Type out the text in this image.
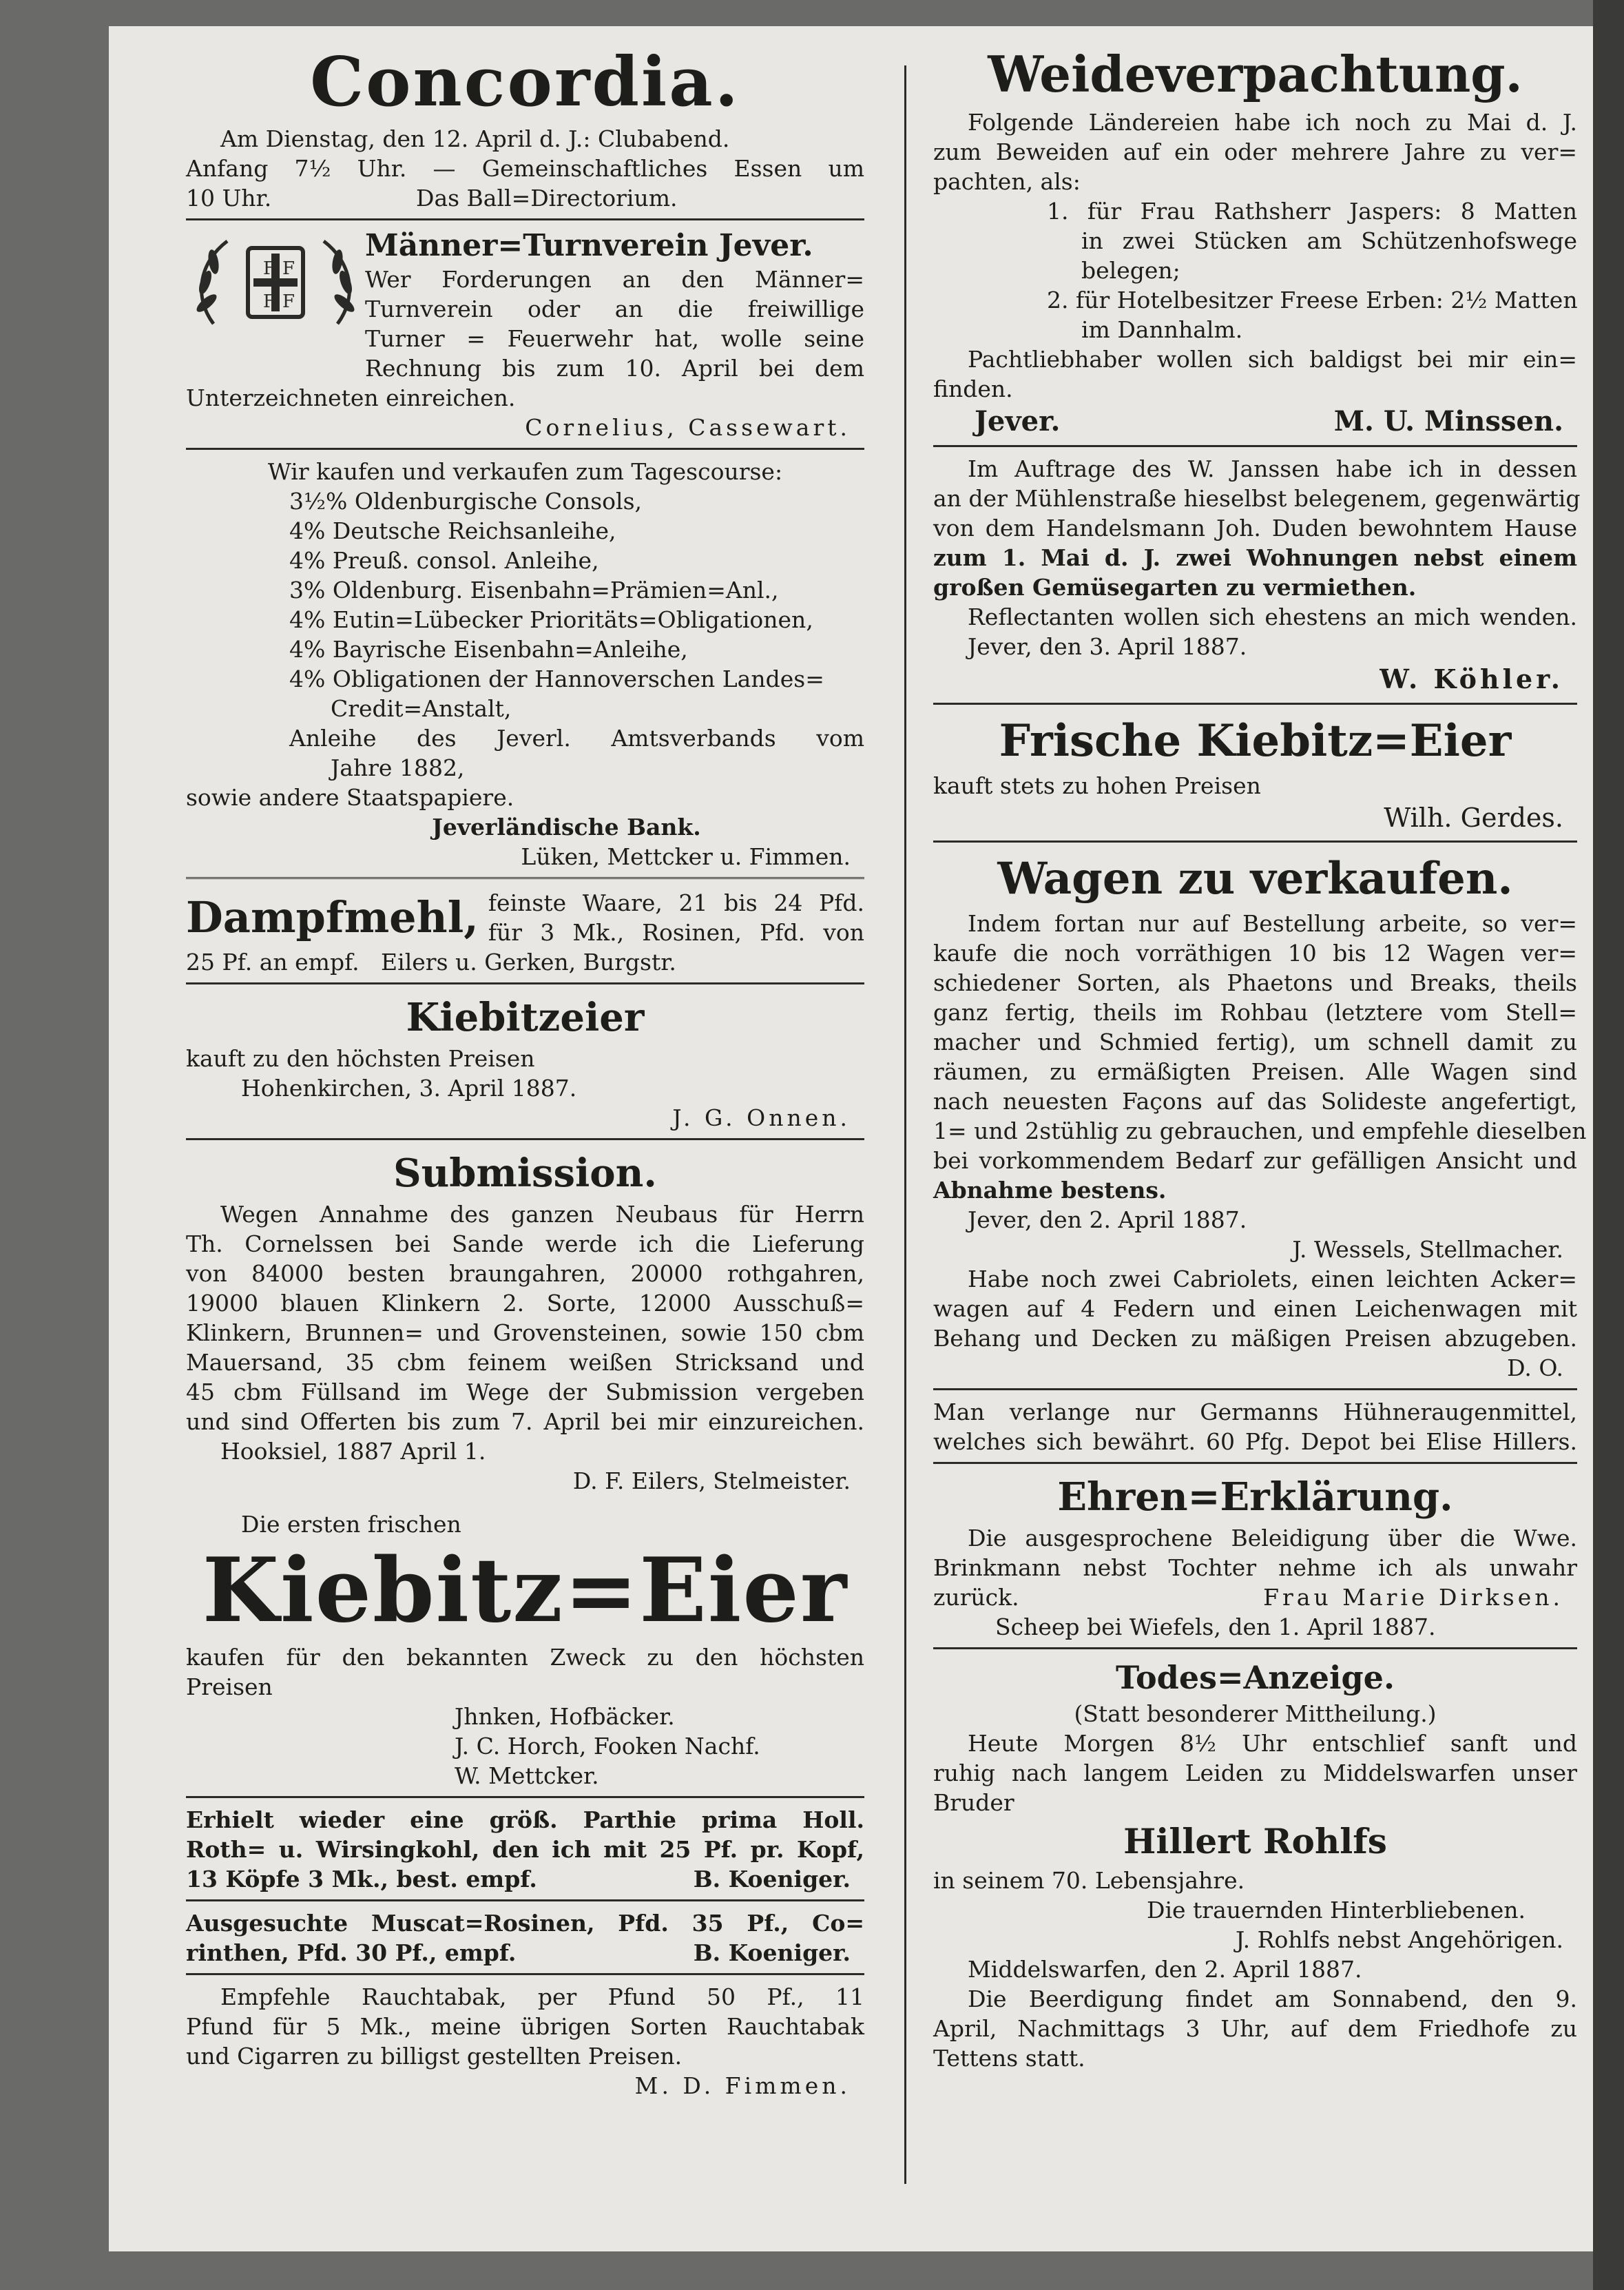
Concordia.

Am Dienstag, den 12. April d. J.: Clubabend.

Anfang 7½ Uhr. — Gemeinschaftliches Essen um

10 Uhr.                    Das Ball=Directorium.

F F
F F

Männer=Turnverein Jever.

Wer Forderungen an den Männer=

Turnverein oder an die freiwillige

Turner = Feuerwehr hat, wolle seine

Rechnung bis zum 10. April bei dem

Unterzeichneten einreichen.

Cornelius, Cassewart.

Wir kaufen und verkaufen zum Tagescourse:

3½% Oldenburgische Consols,

4% Deutsche Reichsanleihe,

4% Preuß. consol. Anleihe,

3% Oldenburg. Eisenbahn=Prämien=Anl.,

4% Eutin=Lübecker Prioritäts=Obligationen,

4% Bayrische Eisenbahn=Anleihe,

4% Obligationen der Hannoverschen Landes=

Credit=Anstalt,

Anleihe des Jeverl. Amtsverbands vom

Jahre 1882,

sowie andere Staatspapiere.

Jeverländische Bank.

Lüken, Mettcker u. Fimmen.

Dampfmehl, feinste Waare, 21 bis 24 Pfd.

für 3 Mk., Rosinen, Pfd. von

25 Pf. an empf.   Eilers u. Gerken, Burgstr.

Kiebitzeier

kauft zu den höchsten Preisen

Hohenkirchen, 3. April 1887.

J. G. Onnen.

Submission.

Wegen Annahme des ganzen Neubaus für Herrn

Th. Cornelssen bei Sande werde ich die Lieferung

von 84000 besten braungahren, 20000 rothgahren,

19000 blauen Klinkern 2. Sorte, 12000 Ausschuß=

Klinkern, Brunnen= und Grovensteinen, sowie 150 cbm

Mauersand, 35 cbm feinem weißen Stricksand und

45 cbm Füllsand im Wege der Submission vergeben

und sind Offerten bis zum 7. April bei mir einzureichen.

Hooksiel, 1887 April 1.

D. F. Eilers, Stelmeister.

Die ersten frischen

Kiebitz=Eier

kaufen für den bekannten Zweck zu den höchsten

Preisen

Jhnken, Hofbäcker.

J. C. Horch, Fooken Nachf.

W. Mettcker.

Erhielt wieder eine größ. Parthie prima Holl.

Roth= u. Wirsingkohl, den ich mit 25 Pf. pr. Kopf,

13 Köpfe 3 Mk., best. empf.	B. Koeniger.

Ausgesuchte Muscat=Rosinen, Pfd. 35 Pf., Co=

rinthen, Pfd. 30 Pf., empf.	B. Koeniger.

Empfehle Rauchtabak, per Pfund 50 Pf., 11

Pfund für 5 Mk., meine übrigen Sorten Rauchtabak

und Cigarren zu billigst gestellten Preisen.

M. D. Fimmen.

Weideverpachtung.

Folgende Ländereien habe ich noch zu Mai d. J.

zum Beweiden auf ein oder mehrere Jahre zu ver=

pachten, als:

1. für Frau Rathsherr Jaspers: 8 Matten

in zwei Stücken am Schützenhofswege

belegen;

2. für Hotelbesitzer Freese Erben: 2½ Matten

im Dannhalm.

Pachtliebhaber wollen sich baldigst bei mir ein=

finden.

Jever.	M. U. Minssen.

Im Auftrage des W. Janssen habe ich in dessen

an der Mühlenstraße hieselbst belegenem, gegenwärtig

von dem Handelsmann Joh. Duden bewohntem Hause

zum 1. Mai d. J. zwei Wohnungen nebst einem

großen Gemüsegarten zu vermiethen.

Reflectanten wollen sich ehestens an mich wenden.

Jever, den 3. April 1887.

W. Köhler.

Frische Kiebitz=Eier

kauft stets zu hohen Preisen

Wilh. Gerdes.

Wagen zu verkaufen.

Indem fortan nur auf Bestellung arbeite, so ver=

kaufe die noch vorräthigen 10 bis 12 Wagen ver=

schiedener Sorten, als Phaetons und Breaks, theils

ganz fertig, theils im Rohbau (letztere vom Stell=

macher und Schmied fertig), um schnell damit zu

räumen, zu ermäßigten Preisen. Alle Wagen sind

nach neuesten Façons auf das Solideste angefertigt,

1= und 2stühlig zu gebrauchen, und empfehle dieselben

bei vorkommendem Bedarf zur gefälligen Ansicht und

Abnahme bestens.

Jever, den 2. April 1887.

J. Wessels, Stellmacher.

Habe noch zwei Cabriolets, einen leichten Acker=

wagen auf 4 Federn und einen Leichenwagen mit

Behang und Decken zu mäßigen Preisen abzugeben.

D. O.

Man verlange nur Germanns Hühneraugenmittel,

welches sich bewährt. 60 Pfg. Depot bei Elise Hillers.

Ehren=Erklärung.

Die ausgesprochene Beleidigung über die Wwe.

Brinkmann nebst Tochter nehme ich als unwahr

zurück.	Frau Marie Dirksen.

Scheep bei Wiefels, den 1. April 1887.

Todes=Anzeige.

(Statt besonderer Mittheilung.)

Heute Morgen 8½ Uhr entschlief sanft und

ruhig nach langem Leiden zu Middelswarfen unser

Bruder

Hillert Rohlfs

in seinem 70. Lebensjahre.

Die trauernden Hinterbliebenen.

J. Rohlfs nebst Angehörigen.

Middelswarfen, den 2. April 1887.

Die Beerdigung findet am Sonnabend, den 9.

April, Nachmittags 3 Uhr, auf dem Friedhofe zu

Tettens statt.
